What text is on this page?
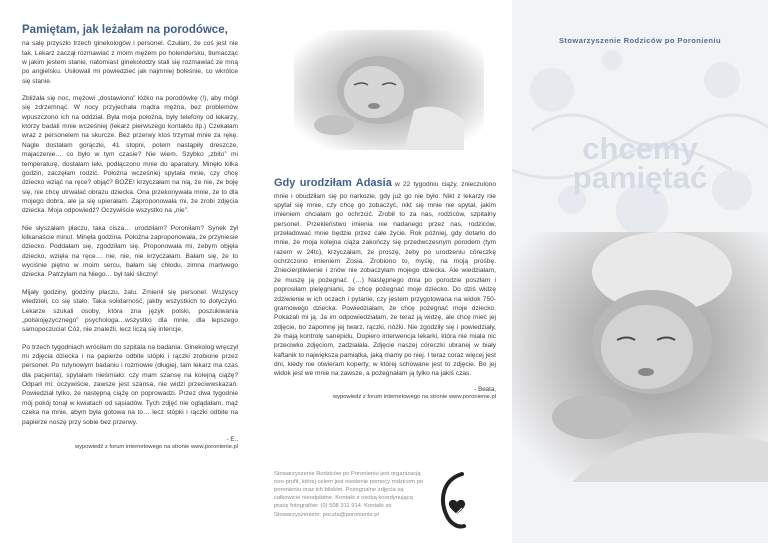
Pamiętam, jak leżałam na porodówce,

na salę przyszło trzech ginekologów i personel. Czułam, że coś jest nie tak. Lekarz zaczął rozmawiać z moim mężem po holendersku, tłumacząc w jakim jestem stanie, natomiast ginekolodzy stali się rozmawiać ze mną po angielsku. Usiłowali mi powiedzieć jak najmniej boleśnie, co wkrótce się stanie.

Zbliżała się noc, mężowi „dostawiono” łóżko na porodówkę (!), aby mógł się zdrzemnąć. W nocy przyjechała mądra mężna, bez problemów wpuszczono ich na oddział. Była moja położna, były telefony od lekarzy, którzy badali mnie wcześniej (lekarz pierwszego kontaktu itp.) Czekałam wraz z personelem na skurcze. Bez przerwy ktoś trzymał mnie za rękę. Nagle dostałam gorączki, 41 stopni, potem nastąpiły dreszcze, majaczenie… co było w tym czasie? Nie wiem. Szybko „zbito” mi temperaturę, dostałam leki, podłączono mnie do aparatury. Minęło kilka godzin, zaczęłam rodzić. Położna wcześniej spytała mnie, czy chcę dziecko wziąć na ręce? objąć? BOŻE! krzyczałam na nią, że nie, że boję się, nie chcę utrwalać obrazu dziecka. Ona przekonywała mnie, że to dla mojego dobra, ale ja się upierałam. Zaproponowała mi, że zrobi zdjęcia dziecka. Moja odpowiedź? Oczywiście wszystko na „nie”.

Nie słyszałam płaczu, taka cisza… urodziłam? Poroniłam? Synek żył kilkanaście minut. Minęła godzina. Położna zaproponowała, że przyniesie dziecko. Poddałam się, zgodziłam się. Proponowała mi, żebym objęła dziecko, wzięła na ręce… nie, nie, nie krzyczałam. Bałam się, że to wyciśnie piętno w moim sercu, bałam się chłodu, zimna martwego dziecka. Patrzyłam na Niego… był taki śliczny!

Mijały godziny, godziny płaczu, żalu. Zmienił się personel. Wszyscy wiedzieli, co się stało. Taka solidarność, jakby wszystkich to dotyczyło. Lekarze szukali osoby, która zna język polski, poszukiwania „polskojęzycznego” psychologa…wszystko dla mnie, dla lepszego samopoczucia! Cóż, nie znaleźli, lecz liczą się intencje.

Po trzech tygodniach wróciłam do szpitala na badania. Ginekolog wręczył mi zdjęcia dziecka i na papierze odbite stópki i rączki zrobione przez personel. Po rutynowym badaniu i rozmowie (długiej, tam lekarz ma czas dla pacjenta), spytałam nieśmiało: czy mam szansę na kolejną ciążę? Odparł mi: oczywiście, zawsze jest szansa, nie widzi przeciwwskazań. Powiedział tylko, że następną ciążę on poprowadzi. Przez dwa tygodnie mój pokój tonął w kwiatach od sąsiadów. Tych zdjęć nie oglądałam, mąż czeka na mnie, abym była gotowa na to… lecz stópki i rączki odbite na papierze noszę przy sobie bez przerwy.

- E.,

wypowiedź z forum internetowego na stronie www.poronienie.pl

Gdy urodziłam Adasia w 22 tygodniu ciąży, znieczulono mnie i obudziłam się po narkozie, gdy już go nie było. Nikt z lekarzy nie spytał się mnie, czy chcę go zobaczyć, nikt się mnie nie spytał, jakim imieniem chciałam go ochrzcić. Zrobił to za nas, rodziców, szpitalny personel. Przekleństwo imienia nie nadanego przez nas, rodziców, przeładować mnie będzie przez całe życie. Rok później, gdy dotarło do mnie, że moja kolejna ciąża zakończy się przedwczesnym porodem (tym razem w 24tc), krzyczałam, że proszę, żeby po urodzeniu córeczkę ochrzczono imieniem Zosia. Zrobiono to, myślę, na moją prośbę. Zniecierpliwienie i znów nie zobaczyłam mojego dziecka. Ale wiedziałam, że muszę ją pożegnać. (…) Następnego dnia po porodzie poszłam i poprosiłam pielęgniarki, że chcę pożegnać moje dziecko. Do dziś widzę zdziwienie w ich oczach i pytanie, czy jestem przygotowana na widok 750-gramowego dziecka. Powiedziałam, że chcę pożegnać moje dziecko. Pokazali mi ją. Ja im odpowiedziałam, że teraz ją widzę, ale chcę mieć jej zdjęcie, bo zapomnę jej twarz, rączki, nóżki. Nie zgodziły się i powiedziały, że mają kontrolę sanepidu. Dopiero interwencja lekarki, która nie miała nic przeciwko zdjęciom, zadziałała. Zdjęcie naszej córeczki ubranej w biały kaftanik to największa pamiątka, jaką mamy po niej. I teraz coraz więcej jest dni, kiedy nie otwieram koperty, w której schowane jest to zdjęcie. Bo jej widok jest we mnie na zawsze, a pożegnałam ją tylko na jakiś czas.

- Beata,

wypowiedź z forum internetowego na stronie www.poronienie.pl

Stowarzyszenie Rodziców po Poronieniu jest organizacją non-profit, której celem jest niesienie pomocy rodzicom po poronieniu oraz ich bliskim. Pożegnalne zdjęcia są całkowicie nieodpłatne. Kontakt z osobą koordynującą pracę fotografów: (0) 508 311 914. Kontakt ze Stowarzyszeniem: poczta@poronienie.pl

Stowarzyszenie Rodziców po Poronieniu
chcemy
pamiętać
